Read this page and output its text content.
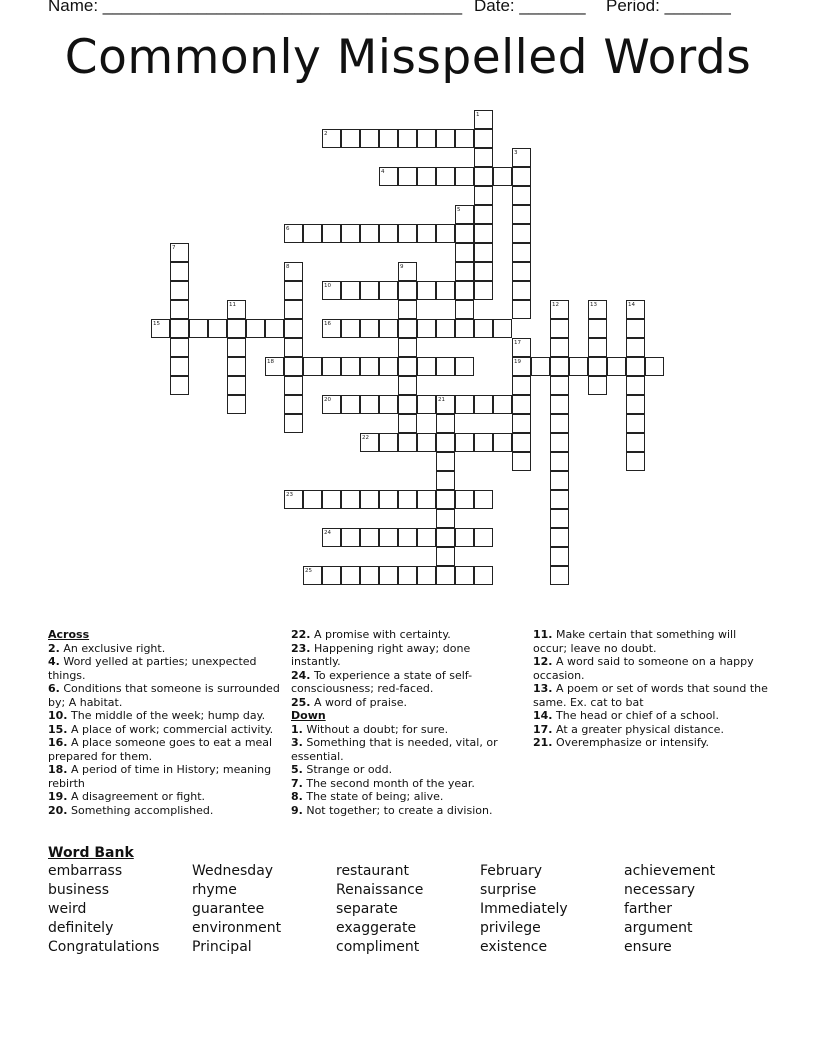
Name: ______________________________________ Date: _______ Period: _______
Commonly Misspelled Words
1
2
3
4
5
6
7
8	9
10
11	12	13	14
15	16
17
18	19
20	21
22
23
24
25
Across
2. An exclusive right.
4. Word yelled at parties; unexpected things.
6. Conditions that someone is surrounded by; A habitat.
10. The middle of the week; hump day.
15. A place of work; commercial activity.
16. A place someone goes to eat a meal prepared for them.
18. A period of time in History; meaning rebirth
19. A disagreement or fight.
20. Something accomplished.
22. A promise with certainty.
23. Happening right away; done instantly.
24. To experience a state of self-consciousness; red-faced.
25. A word of praise.
Down
1. Without a doubt; for sure.
3. Something that is needed, vital, or essential.
5. Strange or odd.
7. The second month of the year.
8. The state of being; alive.
9. Not together; to create a division.
11. Make certain that something will occur; leave no doubt.
12. A word said to someone on a happy occasion.
13. A poem or set of words that sound the same. Ex. cat to bat
14. The head or chief of a school.
17. At a greater physical distance.
21. Overemphasize or intensify.
Word Bank
embarrass
business
weird
definitely
Congratulations
Wednesday
rhyme
guarantee
environment
Principal
restaurant
Renaissance
separate
exaggerate
compliment
February
surprise
Immediately
privilege
existence
achievement
necessary
farther
argument
ensure
